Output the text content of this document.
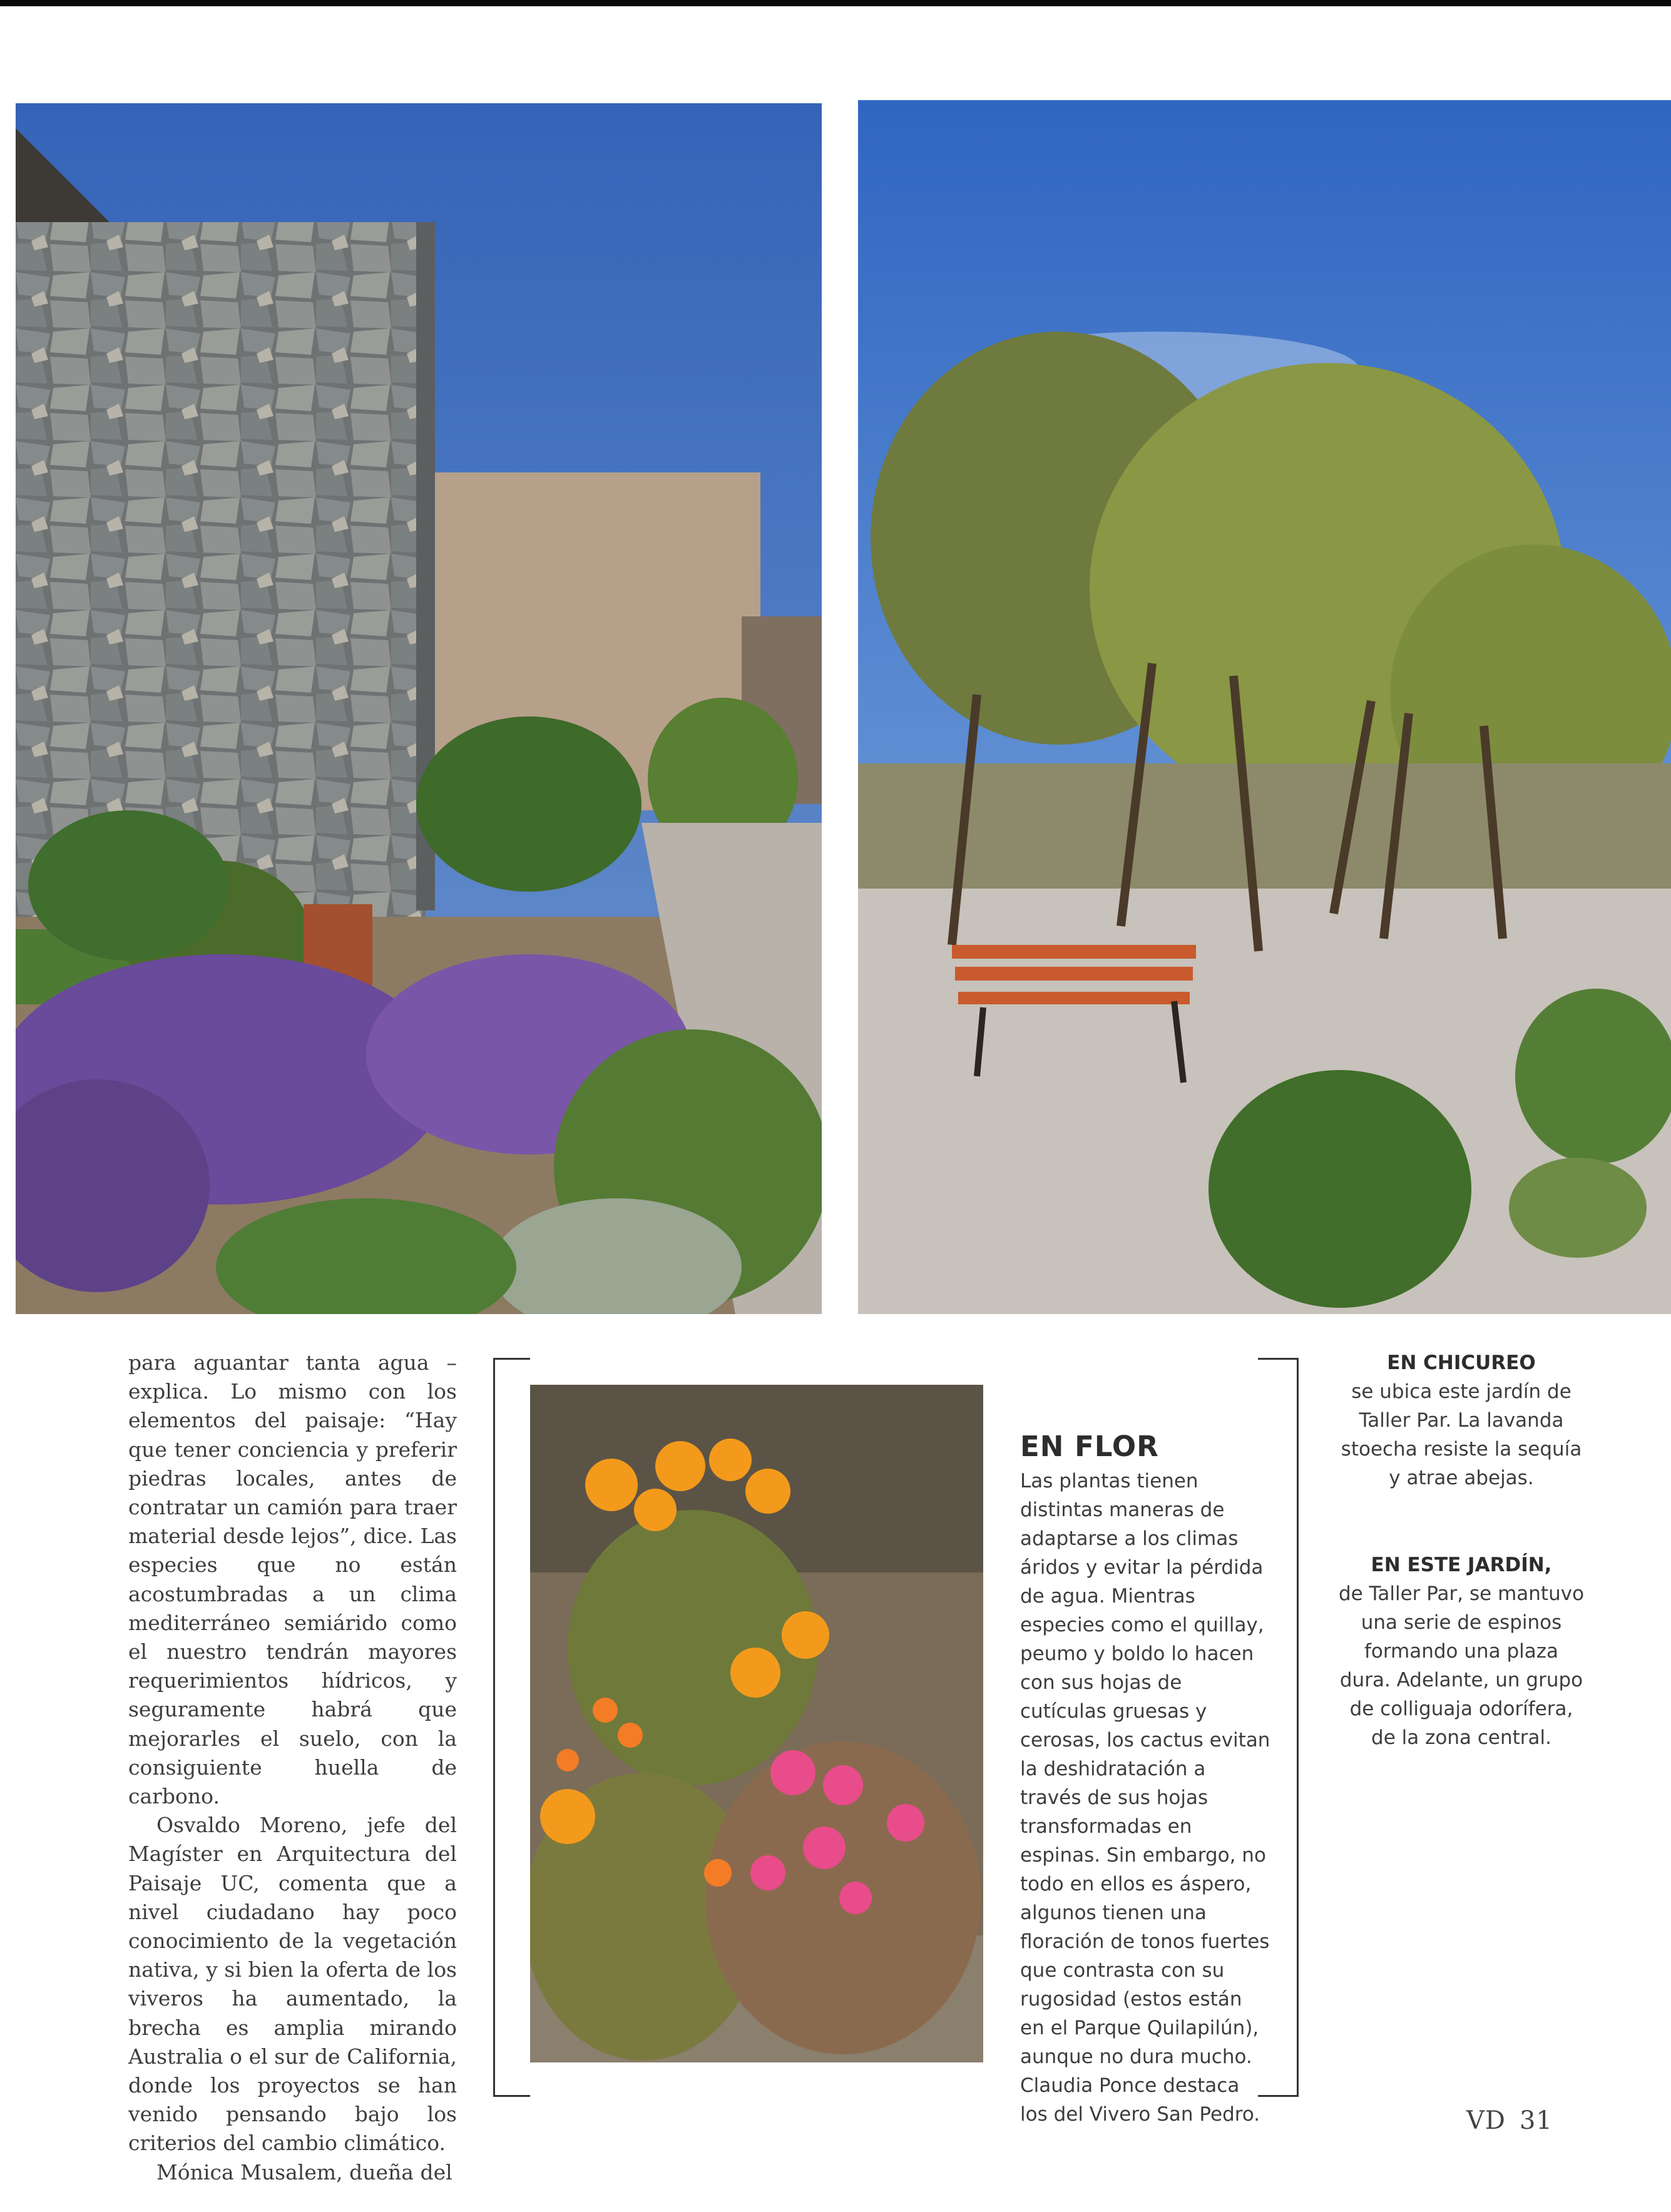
para aguantar tanta agua –explica. Lo mismo con los elementos del paisaje: “Hay que tener conciencia y preferir piedras locales, antes de contratar un camión para traer material desde lejos”, dice. Las especies que no están acostumbradas a un clima mediterráneo semiárido como el nuestro tendrán mayores requerimientos hídricos, y seguramente habrá que mejorarles el suelo, con la consiguiente huella de carbono.

Osvaldo Moreno, jefe del Magíster en Arquitectura del Paisaje UC, comenta que a nivel ciudadano hay poco conocimiento de la vegetación nativa, y si bien la oferta de los viveros ha aumentado, la brecha es amplia mirando Australia o el sur de California, donde los proyectos se han venido pensando bajo los criterios del cambio climático.

Mónica Musalem, dueña del

EN FLOR

Las plantas tienen distintas maneras de adaptarse a los climas áridos y evitar la pérdida de agua. Mientras especies como el quillay, peumo y boldo lo hacen con sus hojas de cutículas gruesas y cerosas, los cactus evitan la deshidratación a través de sus hojas transformadas en espinas. Sin embargo, no todo en ellos es áspero, algunos tienen una floración de tonos fuertes que contrasta con su rugosidad (estos están en el Parque Quilapilún), aunque no dura mucho. Claudia Ponce destaca los del Vivero San Pedro.

EN CHICUREO
se ubica este jardín de Taller Par. La lavanda stoecha resiste la sequía y atrae abejas.
EN ESTE JARDÍN,
de Taller Par, se mantuvo una serie de espinos formando una plaza dura. Adelante, un grupo de colliguaja odorífera, de la zona central.
VD 31
